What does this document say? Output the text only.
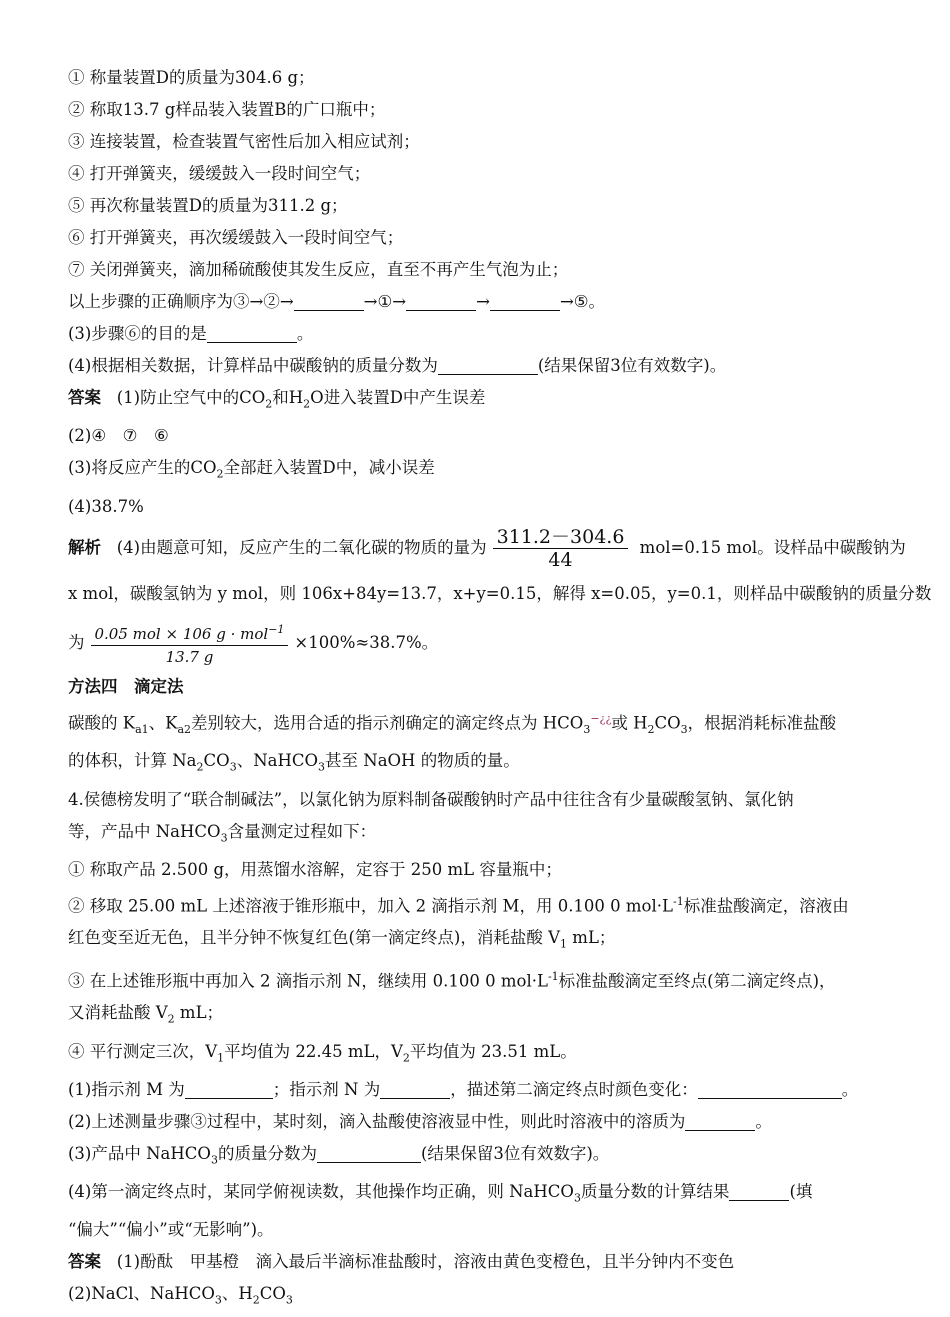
① 称量装置D的质量为304.6 g；
② 称取13.7 g样品装入装置B的广口瓶中；
③ 连接装置，检查装置气密性后加入相应试剂；
④ 打开弹簧夹，缓缓鼓入一段时间空气；
⑤ 再次称量装置D的质量为311.2 g；
⑥ 打开弹簧夹，再次缓缓鼓入一段时间空气；
⑦ 关闭弹簧夹，滴加稀硫酸使其发生反应，直至不再产生气泡为止；
以上步骤的正确顺序为③→②→	→①→	→	→⑤。
(3)步骤⑥的目的是	。
(4)根据相关数据，计算样品中碳酸钠的质量分数为	(结果保留3位有效数字)。
答案 (1)防止空气中的$CO_2$和$H_2O$进入装置D中产生误差
(2)④　⑦　⑥
(3)将反应产生的$CO_2$全部赶入装置D中，减小误差
(4)38.7%
解析 (4)由题意可知，反应产生的二氧化碳的物质的量为 $\frac{311.2-304.6}{44} mol=0.15$ mol。设样品中碳酸钠为
x mol，碳酸氢钠为 y mol，则 106x+84y=13.7，x+y=0.15，解得 x=0.05，y=0.1，则样品中碳酸钠的质量分数
为 $\frac{0.05 mol \times 106 g \cdot mol^{-1}}{13.7 g} \times 100\%\approx 38.7\%$。
方法四　滴定法
碳酸的 $K_{a1}$、$K_{a2}$差别较大，选用合适的指示剂确定的滴定终点为 $HCO_3^{-¿¿}$或 $H_2CO_3$，根据消耗标准盐酸
的体积，计算 $Na_2CO_3$、NaHCO$_3$甚至 NaOH 的物质的量。
4.侯德榜发明了“联合制碱法”，以氯化钠为原料制备碳酸钠时产品中往往含有少量碳酸氢钠、氯化钠
等，产品中 NaHCO$_3$含量测定过程如下：
① 称取产品 2.500 g，用蒸馏水溶解，定容于 250 mL 容量瓶中；
② 移取 25.00 mL 上述溶液于锥形瓶中，加入 2 滴指示剂 M，用 0.100 0 $mol\cdot L^{-1}$标准盐酸滴定，溶液由
红色变至近无色，且半分钟不恢复红色(第一滴定终点)，消耗盐酸 $V_1$ mL；
③ 在上述锥形瓶中再加入 2 滴指示剂 N，继续用 0.100 0 $mol\cdot L^{-1}$标准盐酸滴定至终点(第二滴定终点)，
又消耗盐酸 $V_2$ mL；
④ 平行测定三次，$V_1$平均值为 22.45 mL，$V_2$平均值为 23.51 mL。
(1)指示剂 M 为	；指示剂 N 为	，描述第二滴定终点时颜色变化：	。
(2)上述测量步骤③过程中，某时刻，滴入盐酸使溶液显中性，则此时溶液中的溶质为	。
(3)产品中 NaHCO$_3$的质量分数为	(结果保留3位有效数字)。
(4)第一滴定终点时，某同学俯视读数，其他操作均正确，则 NaHCO$_3$质量分数的计算结果	(填
“偏大”“偏小”或“无影响”)。
答案 (1)酚酞　甲基橙　滴入最后半滴标准盐酸时，溶液由黄色变橙色，且半分钟内不变色
(2)NaCl、NaHCO$_3$、$H_2CO_3$
